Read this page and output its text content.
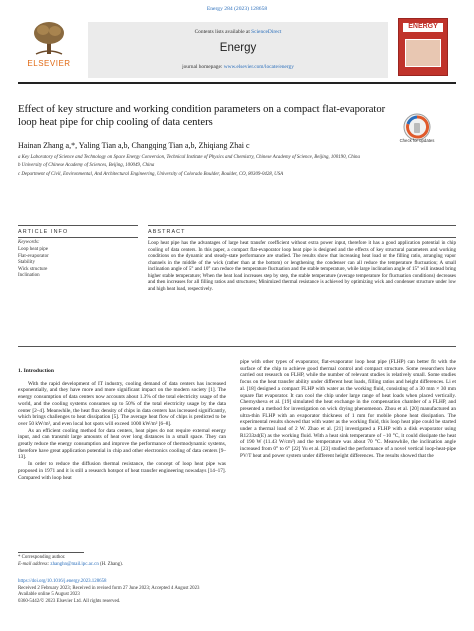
Energy 284 (2023) 128658
ELSEVIER
Contents lists available at ScienceDirect
Energy
journal homepage: www.elsevier.com/locate/energy
ENERGY
Effect of key structure and working condition parameters on a compact flat-evaporator loop heat pipe for chip cooling of data centers
Check for updates
Hainan Zhang a,*, Yaling Tian a,b, Changqing Tian a,b, Zhiqiang Zhai c

a Key Laboratory of Science and Technology on Space Energy Conversion, Technical Institute of Physics and Chemistry, Chinese Academy of Science, Beijing, 100190, China

b University of Chinese Academy of Sciences, Beijing, 100049, China

c Department of Civil, Environmental, And Architectural Engineering, University of Colorado Boulder, Boulder, CO, 80309-0428, USA

ARTICLE INFO	ABSTRACT
Keywords:
Loop heat pipe
Flat-evaporator
Stability
Wick structure
Inclination
Loop heat pipe has the advantages of large heat transfer coefficient without extra power input, therefore it has a good application potential in chip cooling of data centers. In this paper, a compact flat-evaporator loop heat pipe is designed and the effects of key structural parameters and working conditions on the dynamic and steady-state performance are studied. The results show that increasing heat load or the filling ratio, arranging vapor channels in the middle of the wick (rather than at the bottom) or lengthening the condenser can all reduce the temperature fluctuation; A small inclination angle of 5° and 10° can reduce the temperature fluctuation and the stable temperature, while large inclination angle of 15° will instead bring higher stable temperature; When the heat load increases step by step, the stable temperature (average temperature for fluctuation conditions) decreases and then increases for all filling ratios and structures; Minimized thermal resistance is achieved by optimizing wick and condenser structure under low and high heat load, respectively.
1. Introduction

With the rapid development of IT industry, cooling demand of data centers has increased exponentially, and they have more and more significant impact on the modern society [1]. The energy consumption of data centers now accounts about 1.3% of the total electricity usage of the world, and the cooling systems consumes up to 50% of the total electricity usage by the data center [2–4]. Meanwhile, the heat flux density of chips in data centers has increased significantly, which brings challenges to heat dissipation [5]. The average heat flow of chips is predicted to be over 50 kW/m², and even local hot spots will exceed 1000 kW/m² [6–8].

As an efficient cooling method for data centers, heat pipes do not require external energy input, and can transmit large amounts of heat over long distances in a small space. They can greatly reduce the energy consumption and improve the performance of thermodynamic systems, therefore have great application potential in chip and other electronics cooling of data centers [9–13].

In order to reduce the diffusion thermal resistance, the concept of loop heat pipe was proposed in 1971 and it is still a research hotspot of heat transfer engineering nowadays [14–17]. Compared with loop heat

pipe with other types of evaporator, flat-evaporator loop heat pipe (FLHP) can better fit with the surface of the chip to achieve good thermal control and compact structure. Some researchers have carried out research on FLHP, while the number of relevant studies is relatively small. Some studies focus on the heat transfer ability under different heat loads, filling ratios and height differences. Li et al. [18] designed a compact FLHP with water as the working fluid, consisting of a 30 mm × 30 mm square flat evaporator. It can cool the chip under large range of heat loads when placed vertically. Chernysheva et al. [19] simulated the heat exchange in the compensation chamber of a FLHP, and presented a method for investigation on wick drying phenomenon. Zhou et al. [20] manufactured an ultra-thin FLHP with an evaporator thickness of 1 mm for mobile phone heat dissipation. The experimental results showed that with water as the working fluid, this loop heat pipe could be started under a thermal load of 2 W. Zhao et al. [21] investigated a FLHP with a disk evaporator using R1233zd(E) as the working fluid. With a heat sink temperature of −10 °C, it could dissipate the heat of 190 W (11.43 W/cm²) and the temperature was about 70 °C. Meanwhile, the inclination angle increased from 0° to 6° [22] Yu et al. [23] studied the performance of a novel vertical loop-heat-pipe PV/T heat and power system under different height differences. The results showed that the

* Corresponding author.
E-mail address: zhanghn@mail.ipc.ac.cn (H. Zhang).
https://doi.org/10.1016/j.energy.2023.128658
Received 2 February 2023; Received in revised form 27 June 2023; Accepted 4 August 2023
Available online 5 August 2023
0360-5442/© 2023 Elsevier Ltd. All rights reserved.
